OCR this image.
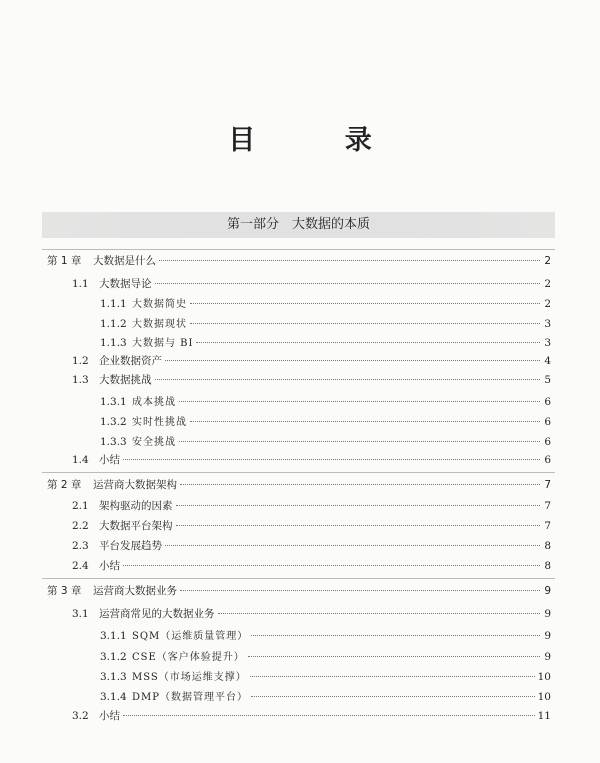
目 录
第一部分　大数据的本质
第 1 章	大数据是什么	2
1.1 大数据导论	2
1.1.1 大数据简史	2
1.1.2 大数据现状	3
1.1.3 大数据与 BI	3
1.2 企业数据资产	4
1.3 大数据挑战	5
1.3.1 成本挑战	6
1.3.2 实时性挑战	6
1.3.3 安全挑战	6
1.4 小结	6
第 2 章	运营商大数据架构	7
2.1 架构驱动的因素	7
2.2 大数据平台架构	7
2.3 平台发展趋势	8
2.4 小结	8
第 3 章	运营商大数据业务	9
3.1 运营商常见的大数据业务	9
3.1.1 SQM（运维质量管理）	9
3.1.2 CSE（客户体验提升）	9
3.1.3 MSS（市场运维支撑）	10
3.1.4 DMP（数据管理平台）	10
3.2 小结	11
